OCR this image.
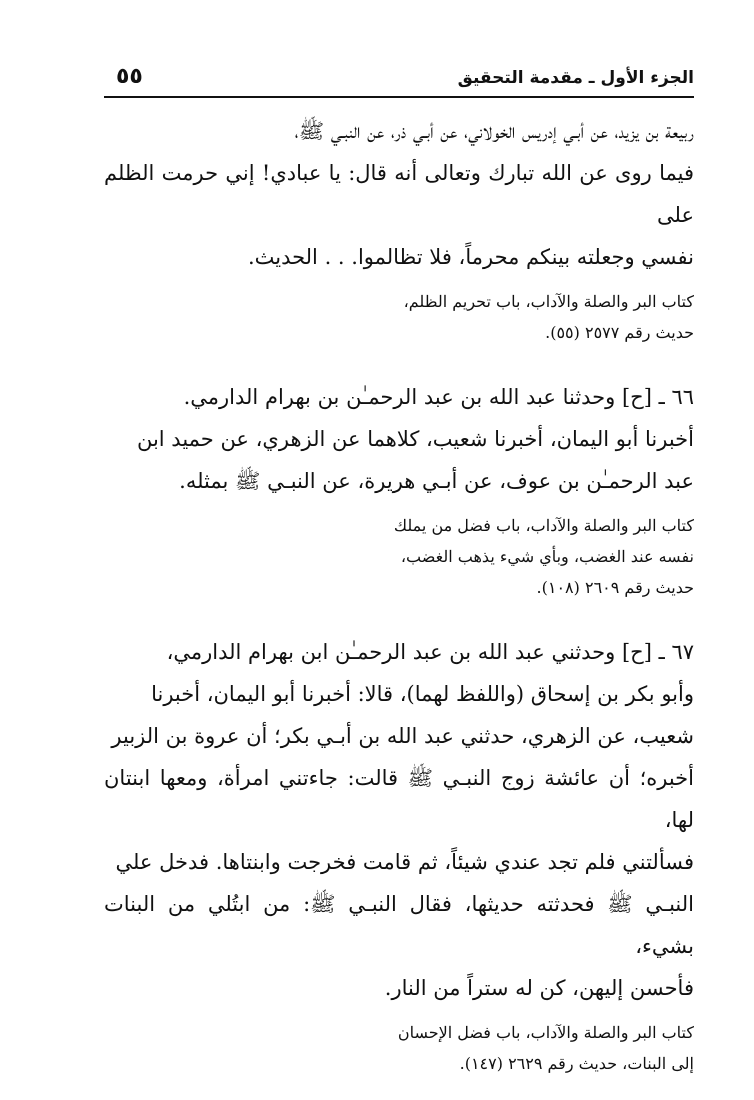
الجزء الأول ـ مقدمة التحقيق
٥٥

ربيعة بن يزيد، عن أبـي إدريس الخولاني، عن أبـي ذر، عن النبـي ﷺ،

فيما روى عن الله تبارك وتعالى أنه قال: يا عبادي! إني حرمت الظلم على

نفسي وجعلته بينكم محرماً، فلا تظالموا. . . الحديث.

كتاب البر والصلة والآداب، باب تحريم الظلم،

حديث رقم ٢٥٧٧ (٥٥).

٦٦ ـ [ح] وحدثنا عبد الله بن عبد الرحمـٰن بن بهرام الدارمي.

أخبرنا أبو اليمان، أخبرنا شعيب، كلاهما عن الزهري، عن حميد ابن

عبد الرحمـٰن بن عوف، عن أبـي هريرة، عن النبـي ﷺ بمثله.

كتاب البر والصلة والآداب، باب فضل من يملك

نفسه عند الغضب، وبأي شيء يذهب الغضب،

حديث رقم ٢٦٠٩ (١٠٨).

٦٧ ـ [ح] وحدثني عبد الله بن عبد الرحمـٰن ابن بهرام الدارمي،

وأبو بكر بن إسحاق (واللفظ لهما)، قالا: أخبرنا أبو اليمان، أخبرنا

شعيب، عن الزهري، حدثني عبد الله بن أبـي بكر؛ أن عروة بن الزبير

أخبره؛ أن عائشة زوج النبـي ﷺ قالت: جاءتني امرأة، ومعها ابنتان لها،

فسألتني فلم تجد عندي شيئاً، ثم قامت فخرجت وابنتاها. فدخل علي

النبـي ﷺ فحدثته حديثها، فقال النبـي ﷺ: من ابتُلي من البنات بشيء،

فأحسن إليهن، كن له ستراً من النار.

كتاب البر والصلة والآداب، باب فضل الإحسان

إلى البنات، حديث رقم ٢٦٢٩ (١٤٧).
